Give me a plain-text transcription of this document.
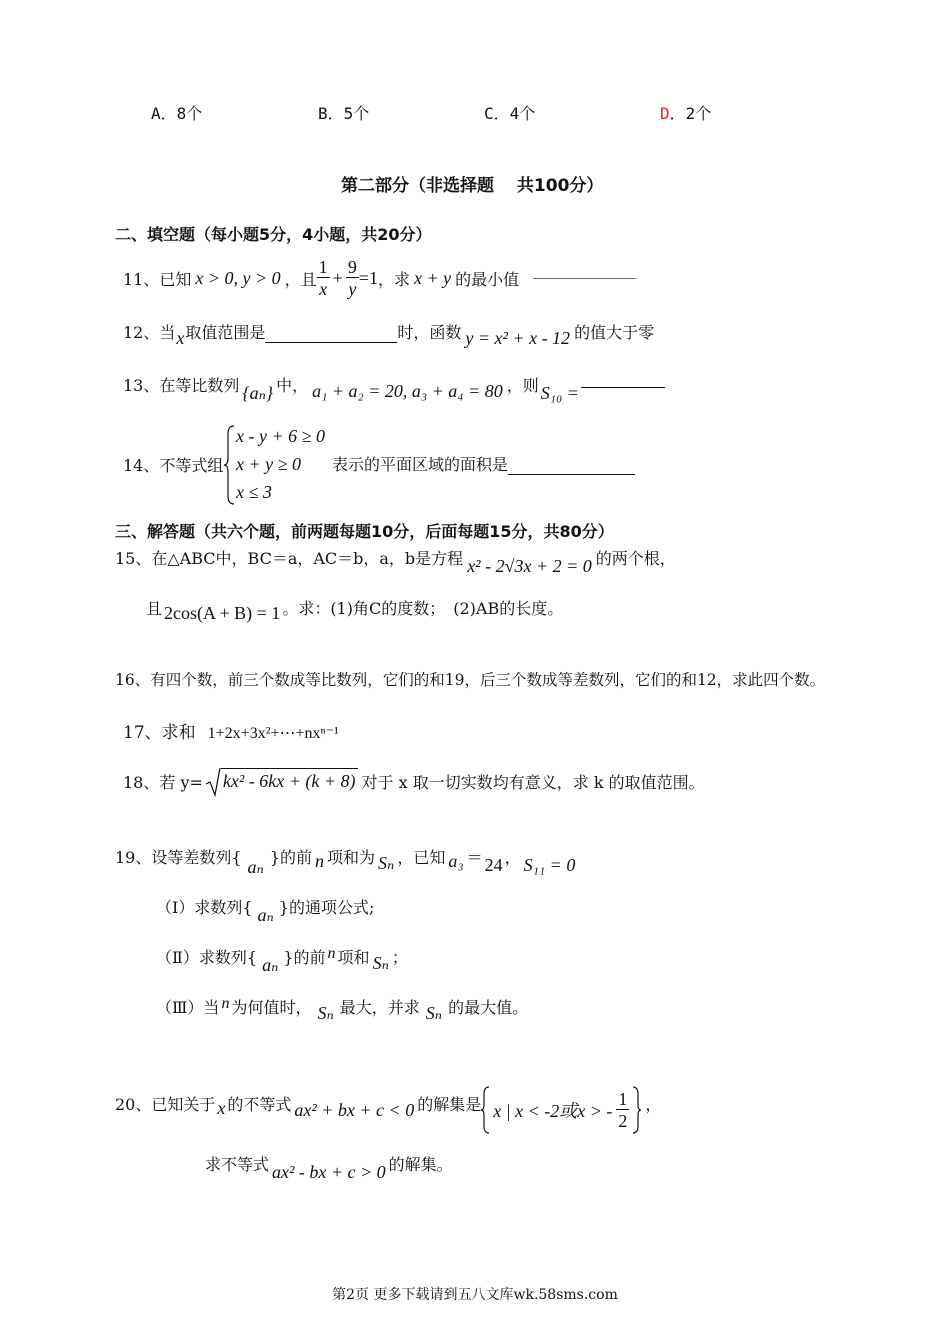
A．8个	B．5个	C．4个	D．2个
第二部分（非选择题　 共100分）
二、填空题（每小题5分，4小题，共20分）
11、已知 x > 0, y > 0 ，且 $\frac{1}{x} + \frac{9}{y} =1$ ，求 x + y 的最小值
12、当 x 取值范围是	时，函数 y = x² + x - 12 的值大于零
13、在等比数列 {aₙ} 中， a₁ + a₂ = 20, a₃ + a₄ = 80 ，则 S₁₀ =
14、不等式组
x - y + 6 ≥ 0
x + y ≥ 0
x ≤ 3
表示的平面区域的面积是
三、解答题（共六个题，前两题每题10分，后面每题15分，共80分）
15、在△ABC中，BC＝a，AC＝b，a，b是方程 x² - 2√3x + 2 = 0 的两个根，
且 2cos(A + B) = 1 。求：(1)角C的度数；　(2)AB的长度。
16、有四个数，前三个数成等比数列，它们的和19，后三个数成等差数列，它们的和12，求此四个数。
17、求和 1+2x+3x²+⋯+nxⁿ⁻¹
18、若 y=	kx² - 6kx + (k + 8) 对于 x 取一切实数均有意义，求 k 的取值范围。
19、设等差数列{ aₙ }的前 n 项和为 Sₙ ，已知 a₃ ＝ 24 ， S₁₁ = 0
（Ⅰ）求数列{ aₙ }的通项公式;
（Ⅱ）求数列{ aₙ }的前 n 项和 Sₙ ；
（Ⅲ）当 n 为何值时， Sₙ 最大，并求 Sₙ 的最大值。
20、已知关于 x 的不等式 ax² + bx + c < 0 的解集是 x | x < -2或x > - $\frac{1}{2}$ ，
求不等式 ax² - bx + c > 0 的解集。
第2页 更多下载请到五八文库wk.58sms.com
